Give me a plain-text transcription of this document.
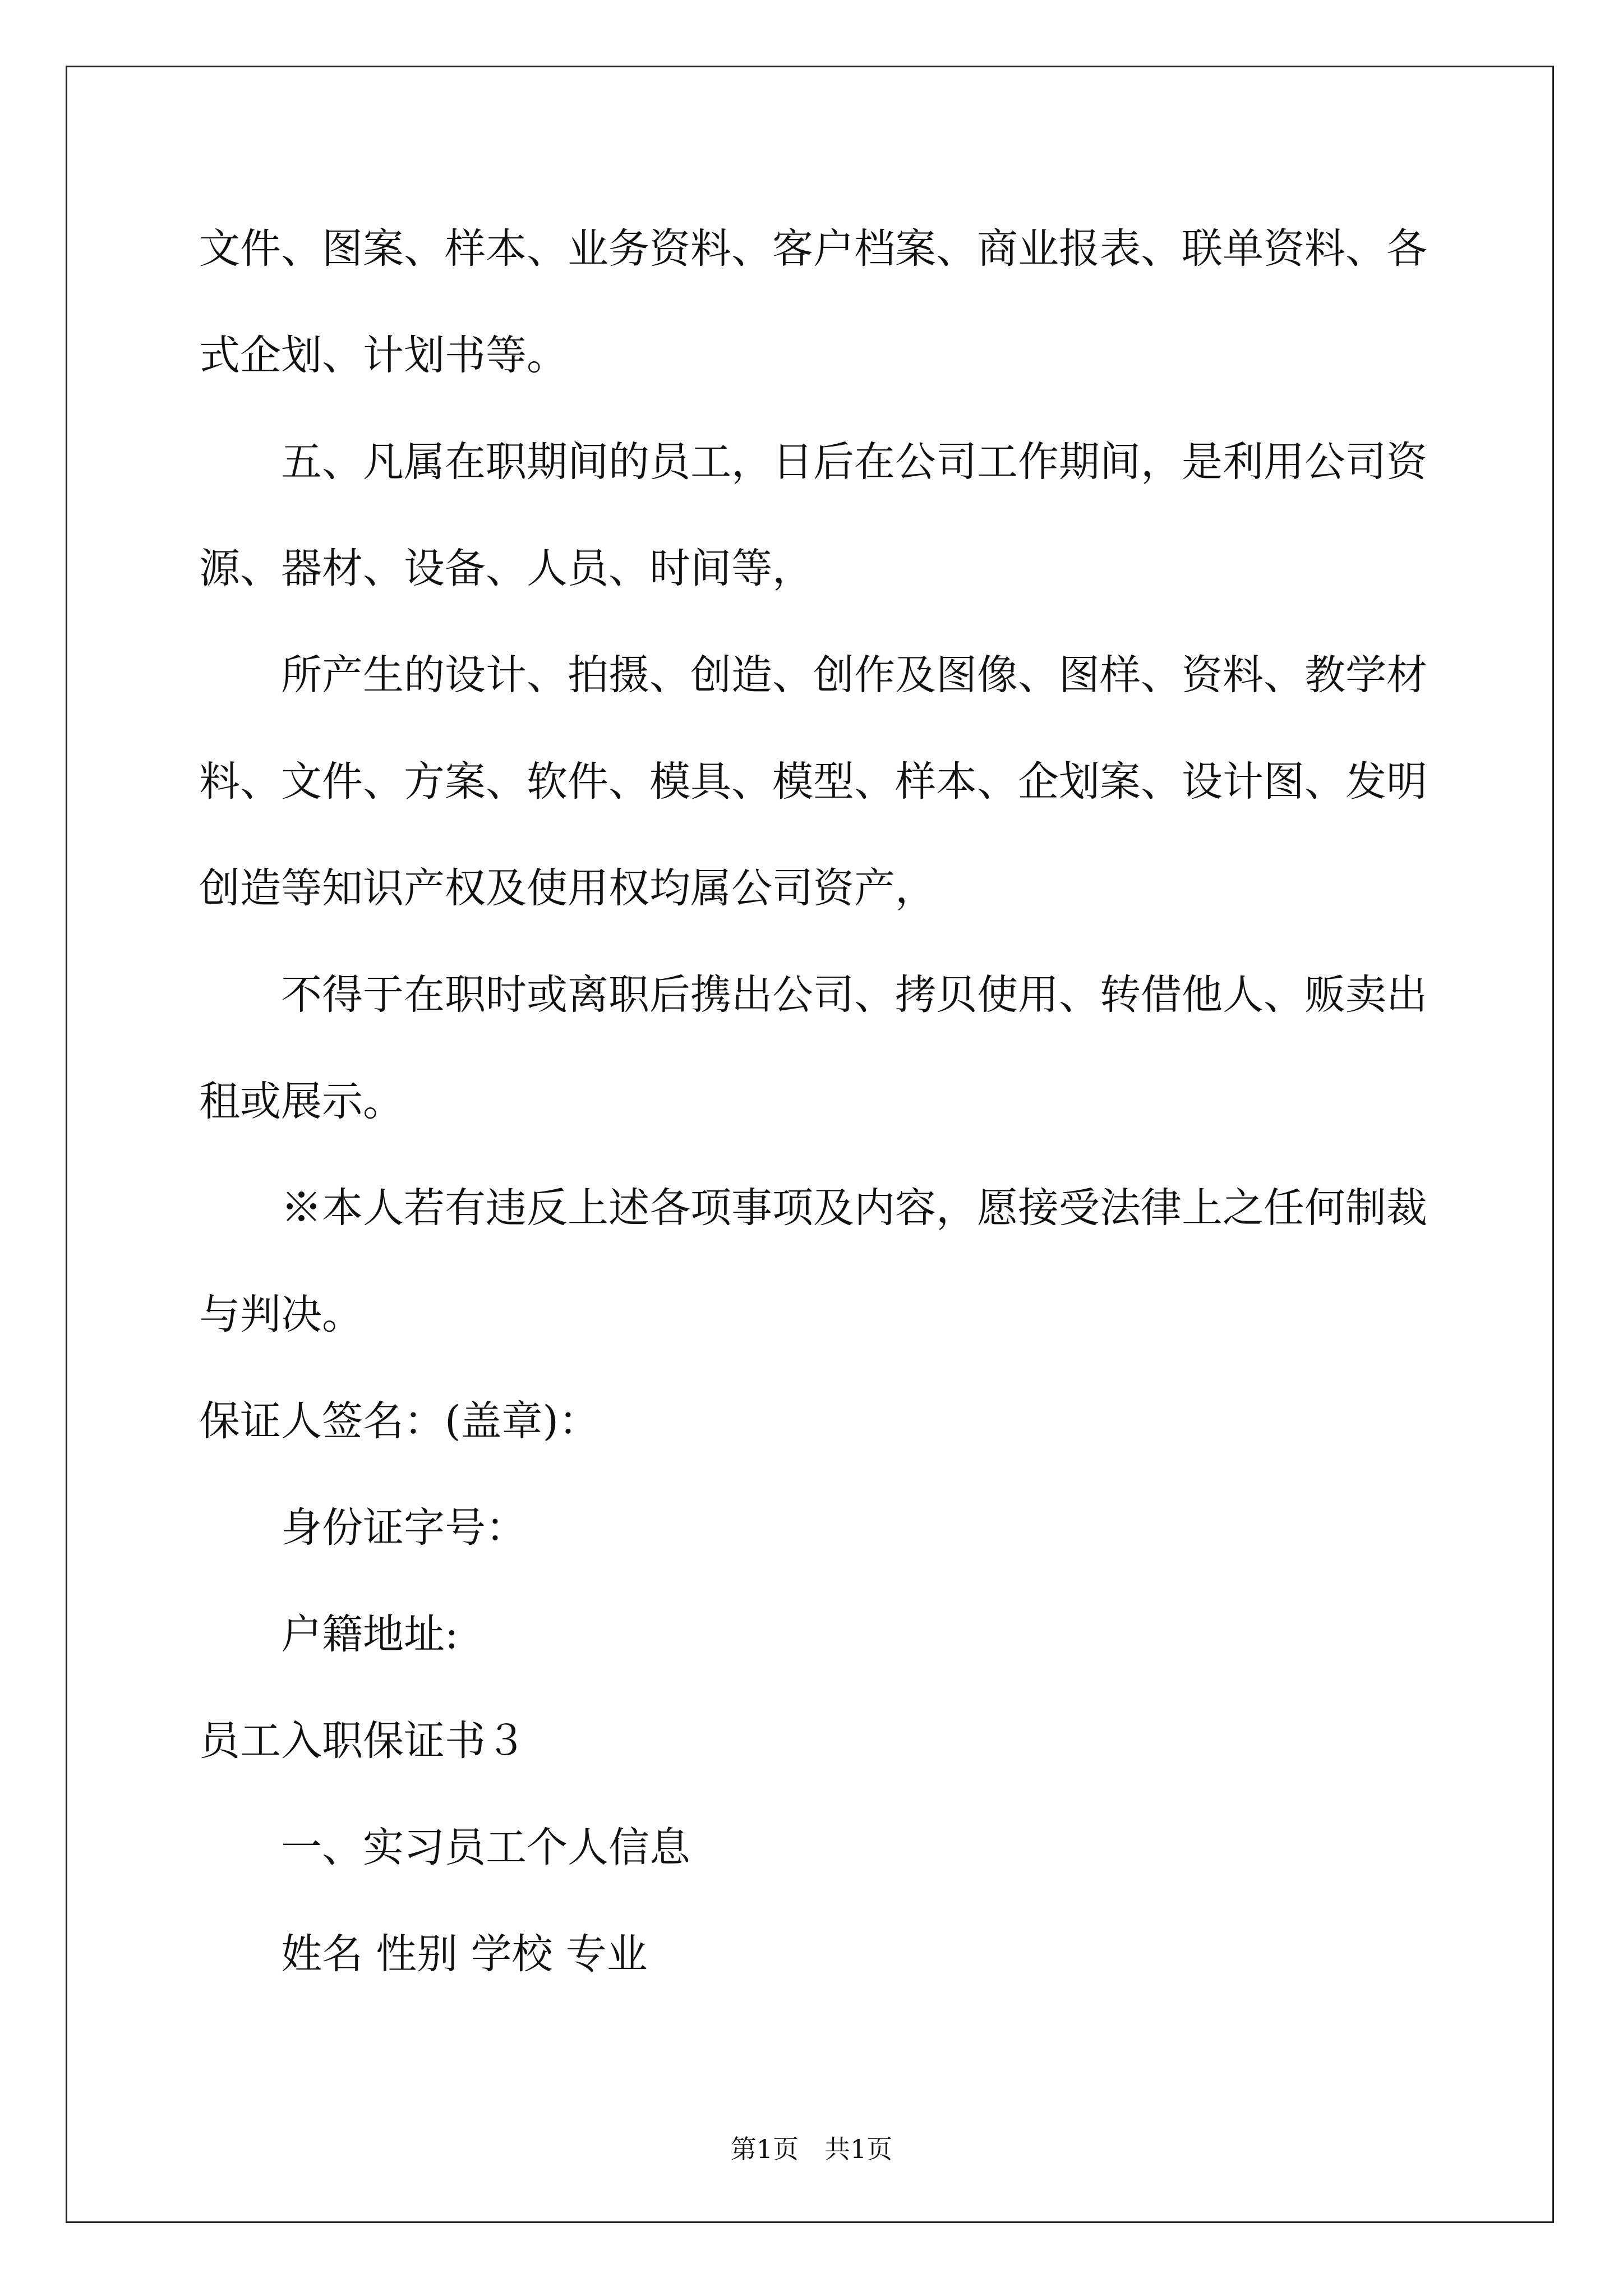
文件、图案、样本、业务资料、客户档案、商业报表、联单资料、各
式企划、计划书等。
五、凡属在职期间的员工，日后在公司工作期间，是利用公司资
源、器材、设备、人员、时间等，
所产生的设计、拍摄、创造、创作及图像、图样、资料、教学材
料、文件、方案、软件、模具、模型、样本、企划案、设计图、发明
创造等知识产权及使用权均属公司资产，
不得于在职时或离职后携出公司、拷贝使用、转借他人、贩卖出
租或展示。
※本人若有违反上述各项事项及内容，愿接受法律上之任何制裁
与判决。
保证人签名：(盖章)：
身份证字号：
户籍地址:
员工入职保证书３
一、实习员工个人信息
姓名 性别 学校 专业
第1页　共1页
